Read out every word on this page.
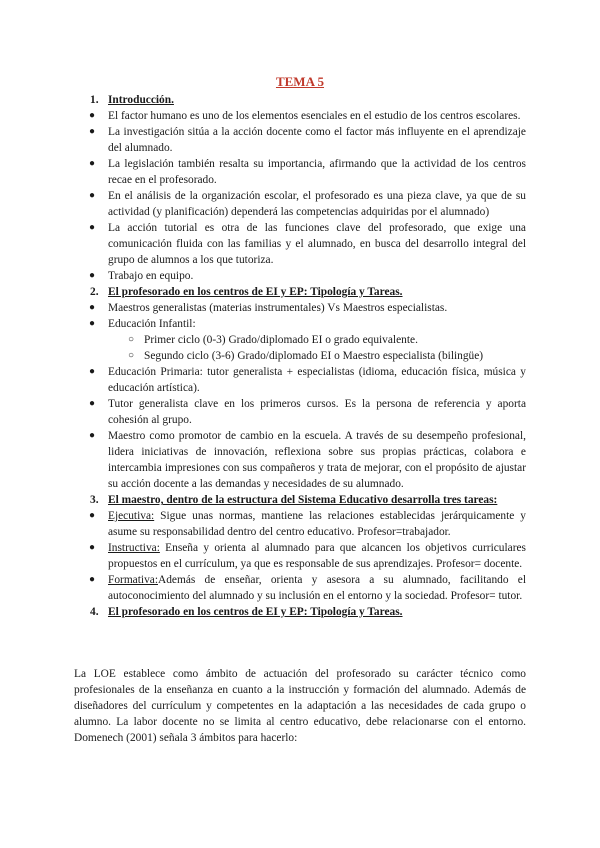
TEMA 5
1. Introducción.
● El factor humano es uno de los elementos esenciales en el estudio de los centros escolares.
● La investigación sitúa a la acción docente como el factor más influyente en el aprendizaje del alumnado.
● La legislación también resalta su importancia, afirmando que la actividad de los centros recae en el profesorado.
● En el análisis de la organización escolar, el profesorado es una pieza clave, ya que de su actividad (y planificación) dependerá las competencias adquiridas por el alumnado)
● La acción tutorial es otra de las funciones clave del profesorado, que exige una comunicación fluida con las familias y el alumnado, en busca del desarrollo integral del grupo de alumnos a los que tutoriza.
● Trabajo en equipo.
2. El profesorado en los centros de EI y EP: Tipología y Tareas.
● Maestros generalistas (materias instrumentales) Vs Maestros especialistas.
● Educación Infantil:
○ Primer ciclo (0-3) Grado/diplomado EI o grado equivalente.
○ Segundo ciclo (3-6) Grado/diplomado EI o Maestro especialista (bilingüe)
● Educación Primaria: tutor generalista + especialistas (idioma, educación física, música y educación artística).
● Tutor generalista clave en los primeros cursos. Es la persona de referencia y aporta cohesión al grupo.
● Maestro como promotor de cambio en la escuela. A través de su desempeño profesional, lidera iniciativas de innovación, reflexiona sobre sus propias prácticas, colabora e intercambia impresiones con sus compañeros y trata de mejorar, con el propósito de ajustar su acción docente a las demandas y necesidades de su alumnado.
3. El maestro, dentro de la estructura del Sistema Educativo desarrolla tres tareas:
● Ejecutiva: Sigue unas normas, mantiene las relaciones establecidas jerárquicamente y asume su responsabilidad dentro del centro educativo. Profesor=trabajador.
● Instructiva: Enseña y orienta al alumnado para que alcancen los objetivos curriculares propuestos en el currículum, ya que es responsable de sus aprendizajes. Profesor= docente.
● Formativa:Además de enseñar, orienta y asesora a su alumnado, facilitando el autoconocimiento del alumnado y su inclusión en el entorno y la sociedad. Profesor= tutor.
4. El profesorado en los centros de EI y EP: Tipología y Tareas.

La LOE establece como ámbito de actuación del profesorado su carácter técnico como profesionales de la enseñanza en cuanto a la instrucción y formación del alumnado. Además de diseñadores del currículum y competentes en la adaptación a las necesidades de cada grupo o alumno. La labor docente no se limita al centro educativo, debe relacionarse con el entorno. Domenech (2001) señala 3 ámbitos para hacerlo:
